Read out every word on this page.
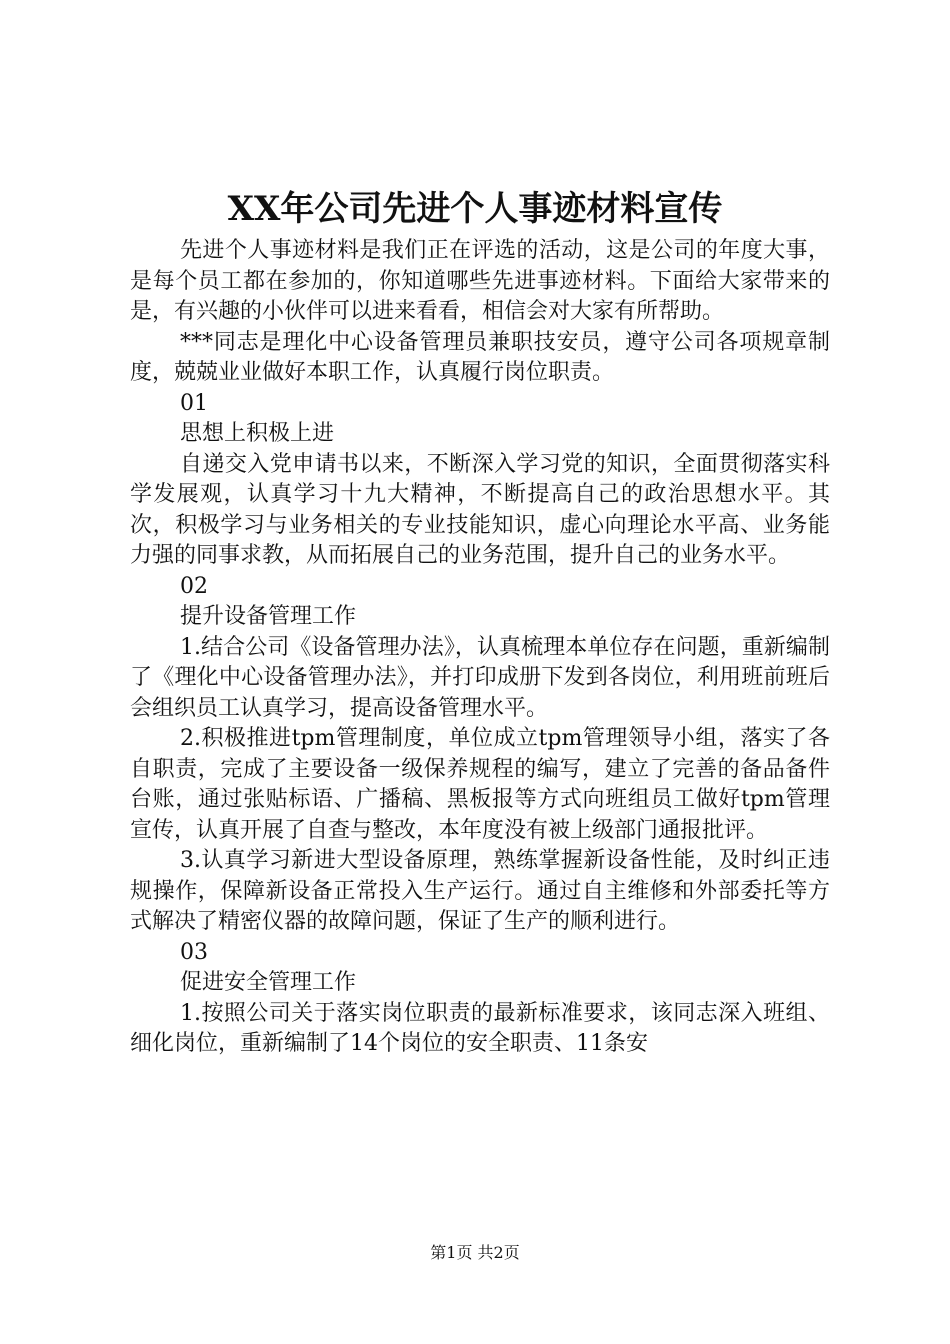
XX年公司先进个人事迹材料宣传

先进个人事迹材料是我们正在评选的活动，这是公司的年度大事，是每个员工都在参加的，你知道哪些先进事迹材料。下面给大家带来的是，有兴趣的小伙伴可以进来看看，相信会对大家有所帮助。

***同志是理化中心设备管理员兼职技安员，遵守公司各项规章制度，兢兢业业做好本职工作，认真履行岗位职责。

01

思想上积极上进

自递交入党申请书以来，不断深入学习党的知识，全面贯彻落实科学发展观，认真学习十九大精神，不断提高自己的政治思想水平。其次，积极学习与业务相关的专业技能知识，虚心向理论水平高、业务能力强的同事求教，从而拓展自己的业务范围，提升自己的业务水平。

02

提升设备管理工作

1.结合公司《设备管理办法》，认真梳理本单位存在问题，重新编制了《理化中心设备管理办法》，并打印成册下发到各岗位，利用班前班后会组织员工认真学习，提高设备管理水平。

2.积极推进tpm管理制度，单位成立tpm管理领导小组，落实了各自职责，完成了主要设备一级保养规程的编写，建立了完善的备品备件台账，通过张贴标语、广播稿、黑板报等方式向班组员工做好tpm管理宣传，认真开展了自查与整改，本年度没有被上级部门通报批评。

3.认真学习新进大型设备原理，熟练掌握新设备性能，及时纠正违规操作，保障新设备正常投入生产运行。通过自主维修和外部委托等方式解决了精密仪器的故障问题，保证了生产的顺利进行。

03

促进安全管理工作

1.按照公司关于落实岗位职责的最新标准要求，该同志深入班组、细化岗位，重新编制了14个岗位的安全职责、11条安

第1页 共2页
